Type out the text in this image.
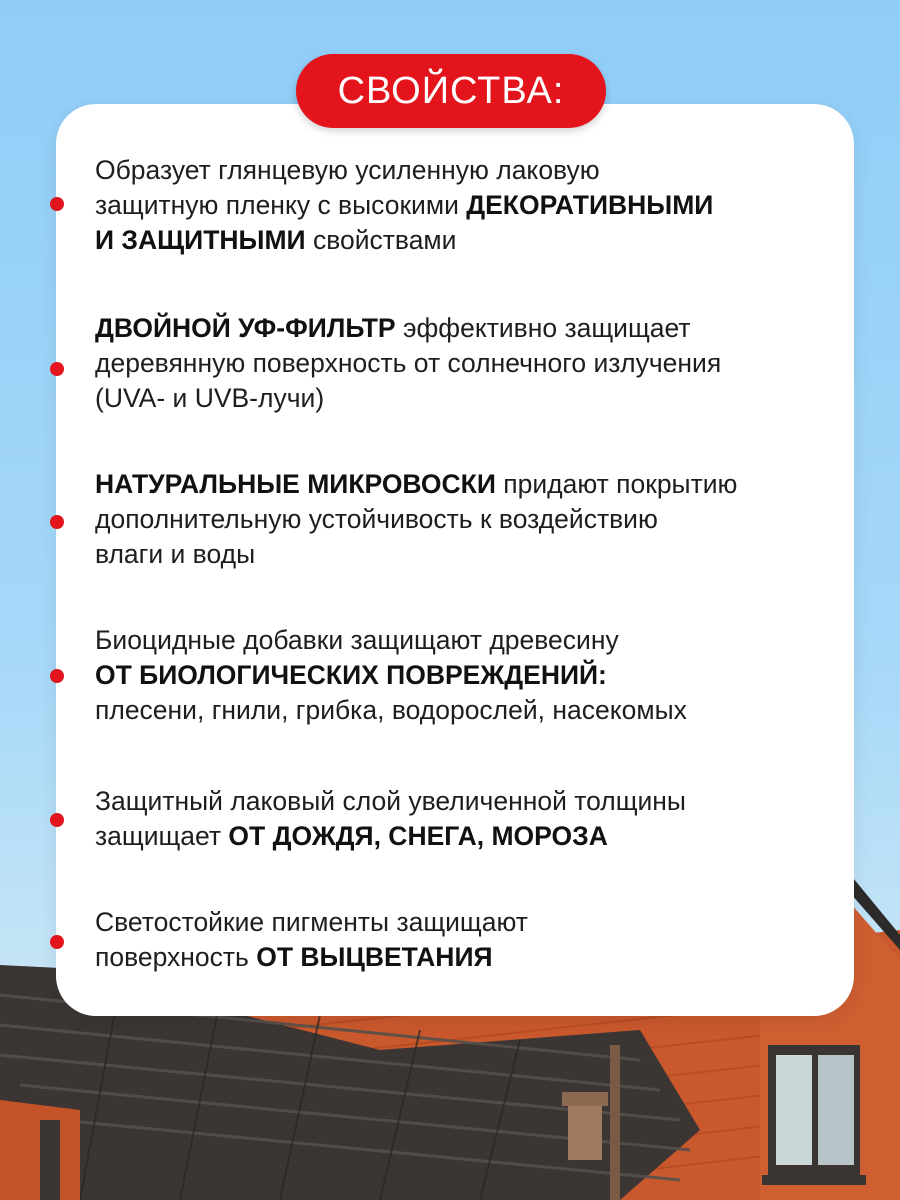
СВОЙСТВА:
Образует глянцевую усиленную лаковую
защитную пленку с высокими ДЕКОРАТИВНЫМИ
И ЗАЩИТНЫМИ свойствами
ДВОЙНОЙ УФ-ФИЛЬТР эффективно защищает
деревянную поверхность от солнечного излучения
(UVA- и UVB-лучи)
НАТУРАЛЬНЫЕ МИКРОВОСКИ придают покрытию
дополнительную устойчивость к воздействию
влаги и воды
Биоцидные добавки защищают древесину
ОТ БИОЛОГИЧЕСКИХ ПОВРЕЖДЕНИЙ:
плесени, гнили, грибка, водорослей, насекомых
Защитный лаковый слой увеличенной толщины
защищает ОТ ДОЖДЯ, СНЕГА, МОРОЗА
Светостойкие пигменты защищают
поверхность ОТ ВЫЦВЕТАНИЯ
